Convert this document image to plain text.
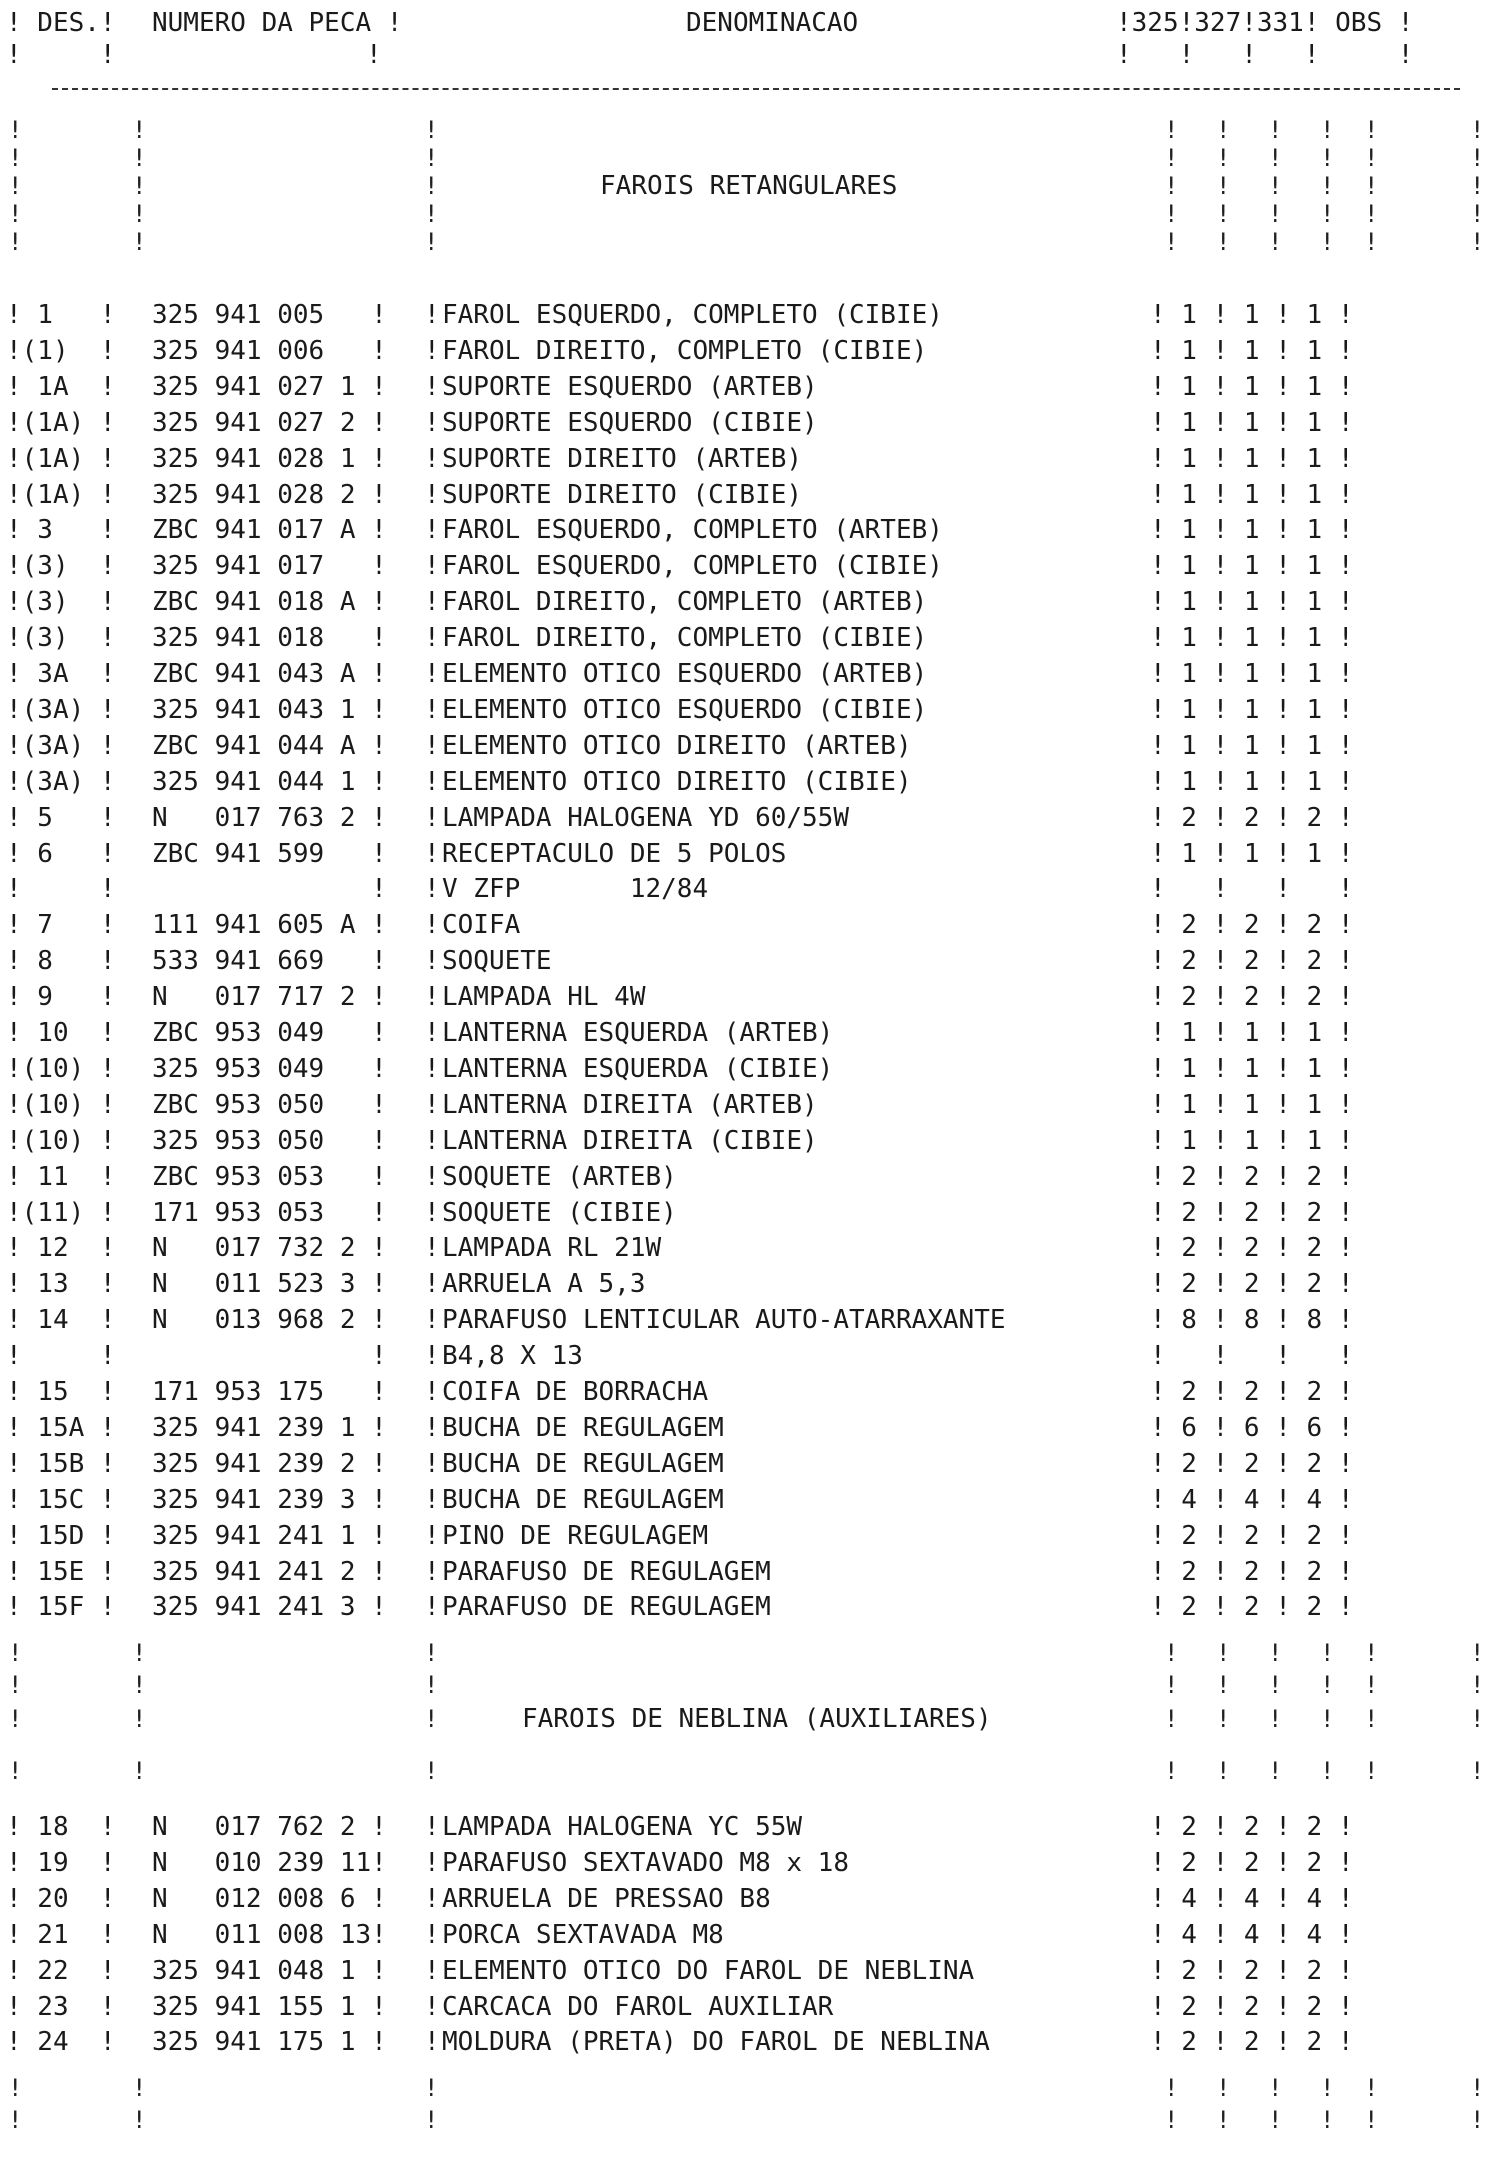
! DES.! NUMERO DA PECA !	DENOMINACAO	!325!327!331! OBS !
!     !                !	!   !   !   !     !
!	!	!	! ! ! ! !	!
!	!	!	! ! ! ! !	!
FAROIS RETANGULARES
!	!	!	! ! ! ! !	!
!	!	!	! ! ! ! !	!
!	!	!	! ! ! ! !	!
! 1   ! 325 941 005   ! ! FAROL ESQUERDO, COMPLETO (CIBIE)	! 1 ! 1 ! 1 !
!(1)  ! 325 941 006   ! ! FAROL DIREITO, COMPLETO (CIBIE)	! 1 ! 1 ! 1 !
! 1A  ! 325 941 027 1 ! ! SUPORTE ESQUERDO (ARTEB)	! 1 ! 1 ! 1 !
!(1A) ! 325 941 027 2 ! ! SUPORTE ESQUERDO (CIBIE)	! 1 ! 1 ! 1 !
!(1A) ! 325 941 028 1 ! ! SUPORTE DIREITO (ARTEB)	! 1 ! 1 ! 1 !
!(1A) ! 325 941 028 2 ! ! SUPORTE DIREITO (CIBIE)	! 1 ! 1 ! 1 !
! 3   ! ZBC 941 017 A ! ! FAROL ESQUERDO, COMPLETO (ARTEB)	! 1 ! 1 ! 1 !
!(3)  ! 325 941 017   ! ! FAROL ESQUERDO, COMPLETO (CIBIE)	! 1 ! 1 ! 1 !
!(3)  ! ZBC 941 018 A ! ! FAROL DIREITO, COMPLETO (ARTEB)	! 1 ! 1 ! 1 !
!(3)  ! 325 941 018   ! ! FAROL DIREITO, COMPLETO (CIBIE)	! 1 ! 1 ! 1 !
! 3A  ! ZBC 941 043 A ! ! ELEMENTO OTICO ESQUERDO (ARTEB)	! 1 ! 1 ! 1 !
!(3A) ! 325 941 043 1 ! ! ELEMENTO OTICO ESQUERDO (CIBIE)	! 1 ! 1 ! 1 !
!(3A) ! ZBC 941 044 A ! ! ELEMENTO OTICO DIREITO (ARTEB)	! 1 ! 1 ! 1 !
!(3A) ! 325 941 044 1 ! ! ELEMENTO OTICO DIREITO (CIBIE)	! 1 ! 1 ! 1 !
! 5   ! N   017 763 2 ! ! LAMPADA HALOGENA YD 60/55W	! 2 ! 2 ! 2 !
! 6   ! ZBC 941 599   ! ! RECEPTACULO DE 5 POLOS	! 1 ! 1 ! 1 !
!     ! ! ! V ZFP       12/84	!   !   !   !
! 7   ! 111 941 605 A ! ! COIFA	! 2 ! 2 ! 2 !
! 8   ! 533 941 669   ! ! SOQUETE	! 2 ! 2 ! 2 !
! 9   ! N   017 717 2 ! ! LAMPADA HL 4W	! 2 ! 2 ! 2 !
! 10  ! ZBC 953 049   ! ! LANTERNA ESQUERDA (ARTEB)	! 1 ! 1 ! 1 !
!(10) ! 325 953 049   ! ! LANTERNA ESQUERDA (CIBIE)	! 1 ! 1 ! 1 !
!(10) ! ZBC 953 050   ! ! LANTERNA DIREITA (ARTEB)	! 1 ! 1 ! 1 !
!(10) ! 325 953 050   ! ! LANTERNA DIREITA (CIBIE)	! 1 ! 1 ! 1 !
! 11  ! ZBC 953 053   ! ! SOQUETE (ARTEB)	! 2 ! 2 ! 2 !
!(11) ! 171 953 053   ! ! SOQUETE (CIBIE)	! 2 ! 2 ! 2 !
! 12  ! N   017 732 2 ! ! LAMPADA RL 21W	! 2 ! 2 ! 2 !
! 13  ! N   011 523 3 ! ! ARRUELA A 5,3	! 2 ! 2 ! 2 !
! 14  ! N   013 968 2 ! ! PARAFUSO LENTICULAR AUTO-ATARRAXANTE	! 8 ! 8 ! 8 !
!     ! ! ! B4,8 X 13	!   !   !   !
! 15  ! 171 953 175   ! ! COIFA DE BORRACHA	! 2 ! 2 ! 2 !
! 15A ! 325 941 239 1 ! ! BUCHA DE REGULAGEM	! 6 ! 6 ! 6 !
! 15B ! 325 941 239 2 ! ! BUCHA DE REGULAGEM	! 2 ! 2 ! 2 !
! 15C ! 325 941 239 3 ! ! BUCHA DE REGULAGEM	! 4 ! 4 ! 4 !
! 15D ! 325 941 241 1 ! ! PINO DE REGULAGEM	! 2 ! 2 ! 2 !
! 15E ! 325 941 241 2 ! ! PARAFUSO DE REGULAGEM	! 2 ! 2 ! 2 !
! 15F ! 325 941 241 3 ! ! PARAFUSO DE REGULAGEM	! 2 ! 2 ! 2 !
! 18  ! N   017 762 2 ! ! LAMPADA HALOGENA YC 55W	! 2 ! 2 ! 2 !
! 19  ! N   010 239 11! ! PARAFUSO SEXTAVADO M8 x 18	! 2 ! 2 ! 2 !
! 20  ! N   012 008 6 ! ! ARRUELA DE PRESSAO B8	! 4 ! 4 ! 4 !
! 21  ! N   011 008 13! ! PORCA SEXTAVADA M8	! 4 ! 4 ! 4 !
! 22  ! 325 941 048 1 ! ! ELEMENTO OTICO DO FAROL DE NEBLINA	! 2 ! 2 ! 2 !
! 23  ! 325 941 155 1 ! ! CARCACA DO FAROL AUXILIAR	! 2 ! 2 ! 2 !
! 24  ! 325 941 175 1 ! ! MOLDURA (PRETA) DO FAROL DE NEBLINA	! 2 ! 2 ! 2 !
!	!	!	! ! ! ! !	!
!	!	!	! ! ! ! !	!
FAROIS DE NEBLINA (AUXILIARES)
!	!	!	! ! ! ! !	!
!	!	!	! ! ! ! !	!
!	!	!	! ! ! ! !	!
!	!	!	! ! ! ! !	!
